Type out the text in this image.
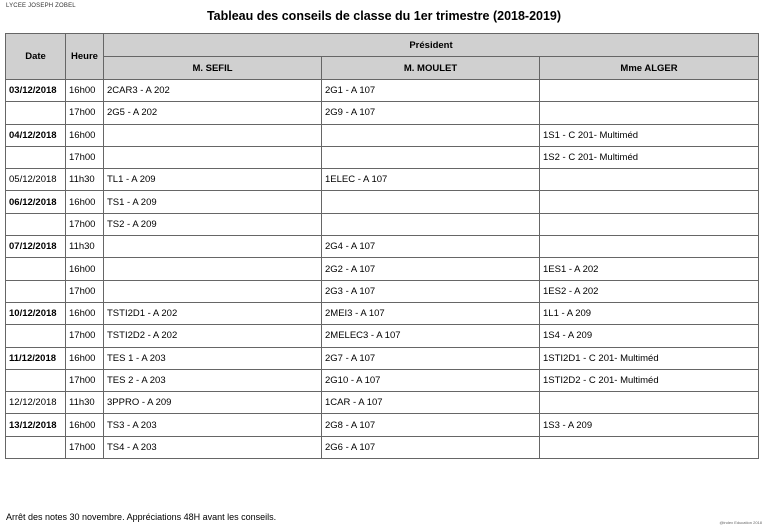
LYCEE JOSEPH ZOBEL
Tableau des conseils de classe du 1er trimestre (2018-2019)
Date	Heure	Président		
		M. SEFIL	M. MOULET	Mme ALGER
03/12/2018	16h00	2CAR3 - A 202	2G1 - A 107	
	17h00	2G5 - A 202	2G9 - A 107	
04/12/2018	16h00			1S1 - C 201- Multiméd
	17h00			1S2 - C 201- Multiméd
05/12/2018	11h30	TL1 - A 209	1ELEC - A 107	
06/12/2018	16h00	TS1 - A 209		
	17h00	TS2 - A 209		
07/12/2018	11h30		2G4 - A 107	
	16h00		2G2 - A 107	1ES1 - A 202
	17h00		2G3 - A 107	1ES2 - A 202
10/12/2018	16h00	TSTI2D1 - A 202	2MEI3 - A 107	1L1 - A 209
	17h00	TSTI2D2 - A 202	2MELEC3 - A 107	1S4 - A 209
11/12/2018	16h00	TES 1 - A 203	2G7 - A 107	1STI2D1 - C 201- Multiméd
	17h00	TES 2 - A 203	2G10 - A 107	1STI2D2 - C 201- Multiméd
12/12/2018	11h30	3PPRO - A 209	1CAR - A 107	
13/12/2018	16h00	TS3 - A 203	2G8 - A 107	1S3 - A 209
	17h00	TS4 - A 203	2G6 - A 107	
Arrêt des notes 30 novembre. Appréciations 48H avant les conseils.
@index Education 2018
